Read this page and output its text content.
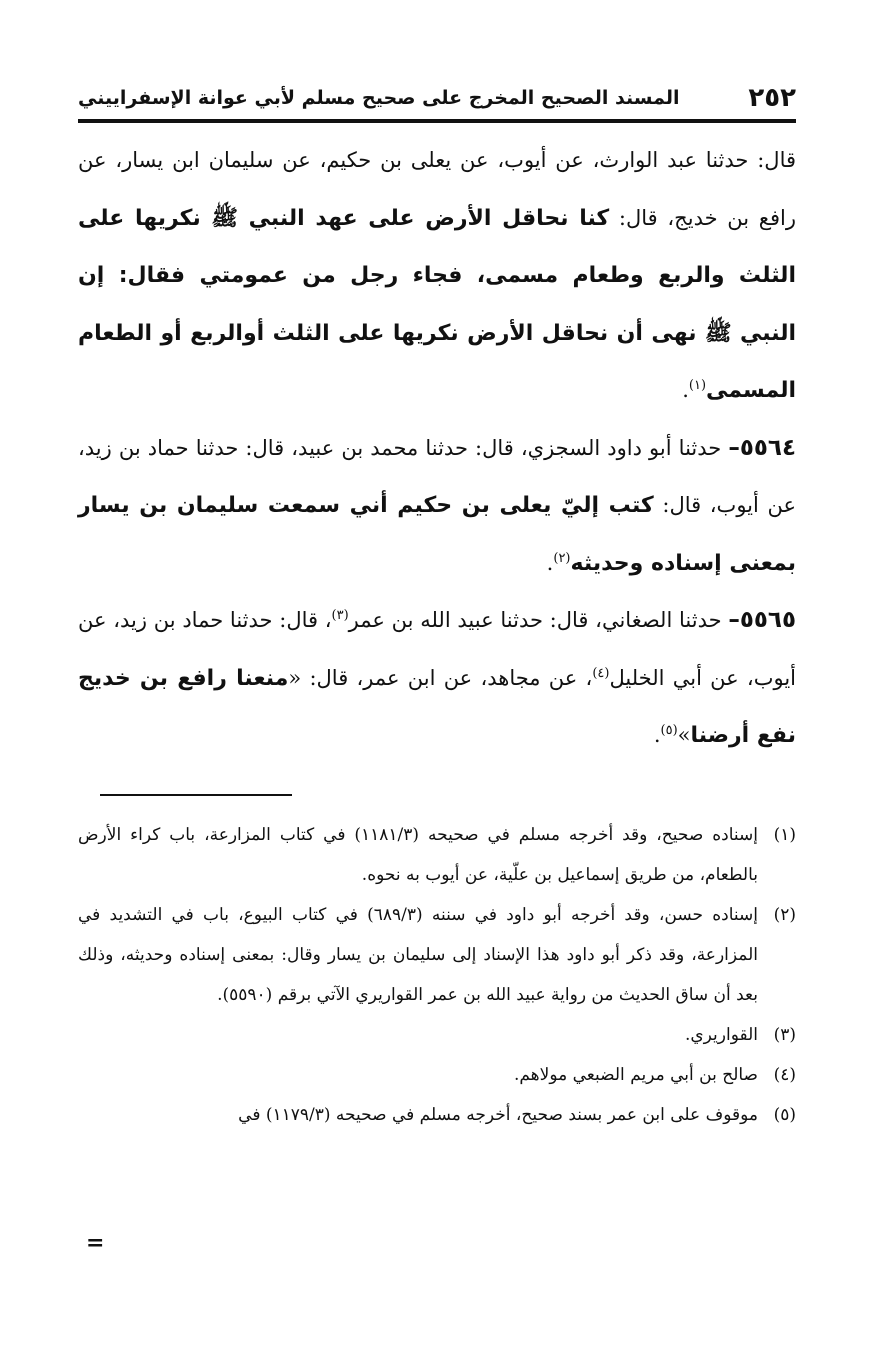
٢٥٢
المسند الصحيح المخرج على صحيح مسلم لأبي عوانة الإسفراييني

قال: حدثنا عبد الوارث، عن أيوب، عن يعلى بن حكيم، عن سليمان ابن يسار، عن رافع بن خديج، قال: كنا نحاقل الأرض على عهد النبي ﷺ نكريها على الثلث والربع وطعام مسمى، فجاء رجل من عمومتي فقال: إن النبي ﷺ نهى أن نحاقل الأرض نكريها على الثلث أوالربع أو الطعام المسمى$^{(١)}$.

٥٥٦٤– حدثنا أبو داود السجزي، قال: حدثنا محمد بن عبيد، قال: حدثنا حماد بن زيد، عن أيوب، قال: كتب إليّ يعلى بن حكيم أني سمعت سليمان بن يسار بمعنى إسناده وحديثه$^{(٢)}$.

٥٥٦٥– حدثنا الصغاني، قال: حدثنا عبيد الله بن عمر$^{(٣)}$، قال: حدثنا حماد بن زيد، عن أيوب، عن أبي الخليل$^{(٤)}$، عن مجاهد، عن ابن عمر، قال: «منعنا رافع بن خديج نفع أرضنا»$^{(٥)}$.

(١)
إسناده صحيح، وقد أخرجه مسلم في صحيحه (١١٨١/٣) في كتاب المزارعة، باب كراء الأرض بالطعام، من طريق إسماعيل بن علّية، عن أيوب به نحوه.
(٢)
إسناده حسن، وقد أخرجه أبو داود في سننه (٦٨٩/٣) في كتاب البيوع، باب في التشديد في المزارعة، وقد ذكر أبو داود هذا الإسناد إلى سليمان بن يسار وقال: بمعنى إسناده وحديثه، وذلك بعد أن ساق الحديث من رواية عبيد الله بن عمر القواريري الآتي برقم (٥٥٩٠).
(٣)
القواريري.
(٤)
صالح بن أبي مريم الضبعي مولاهم.
(٥)
موقوف على ابن عمر بسند صحيح، أخرجه مسلم في صحيحه (١١٧٩/٣) في
=
